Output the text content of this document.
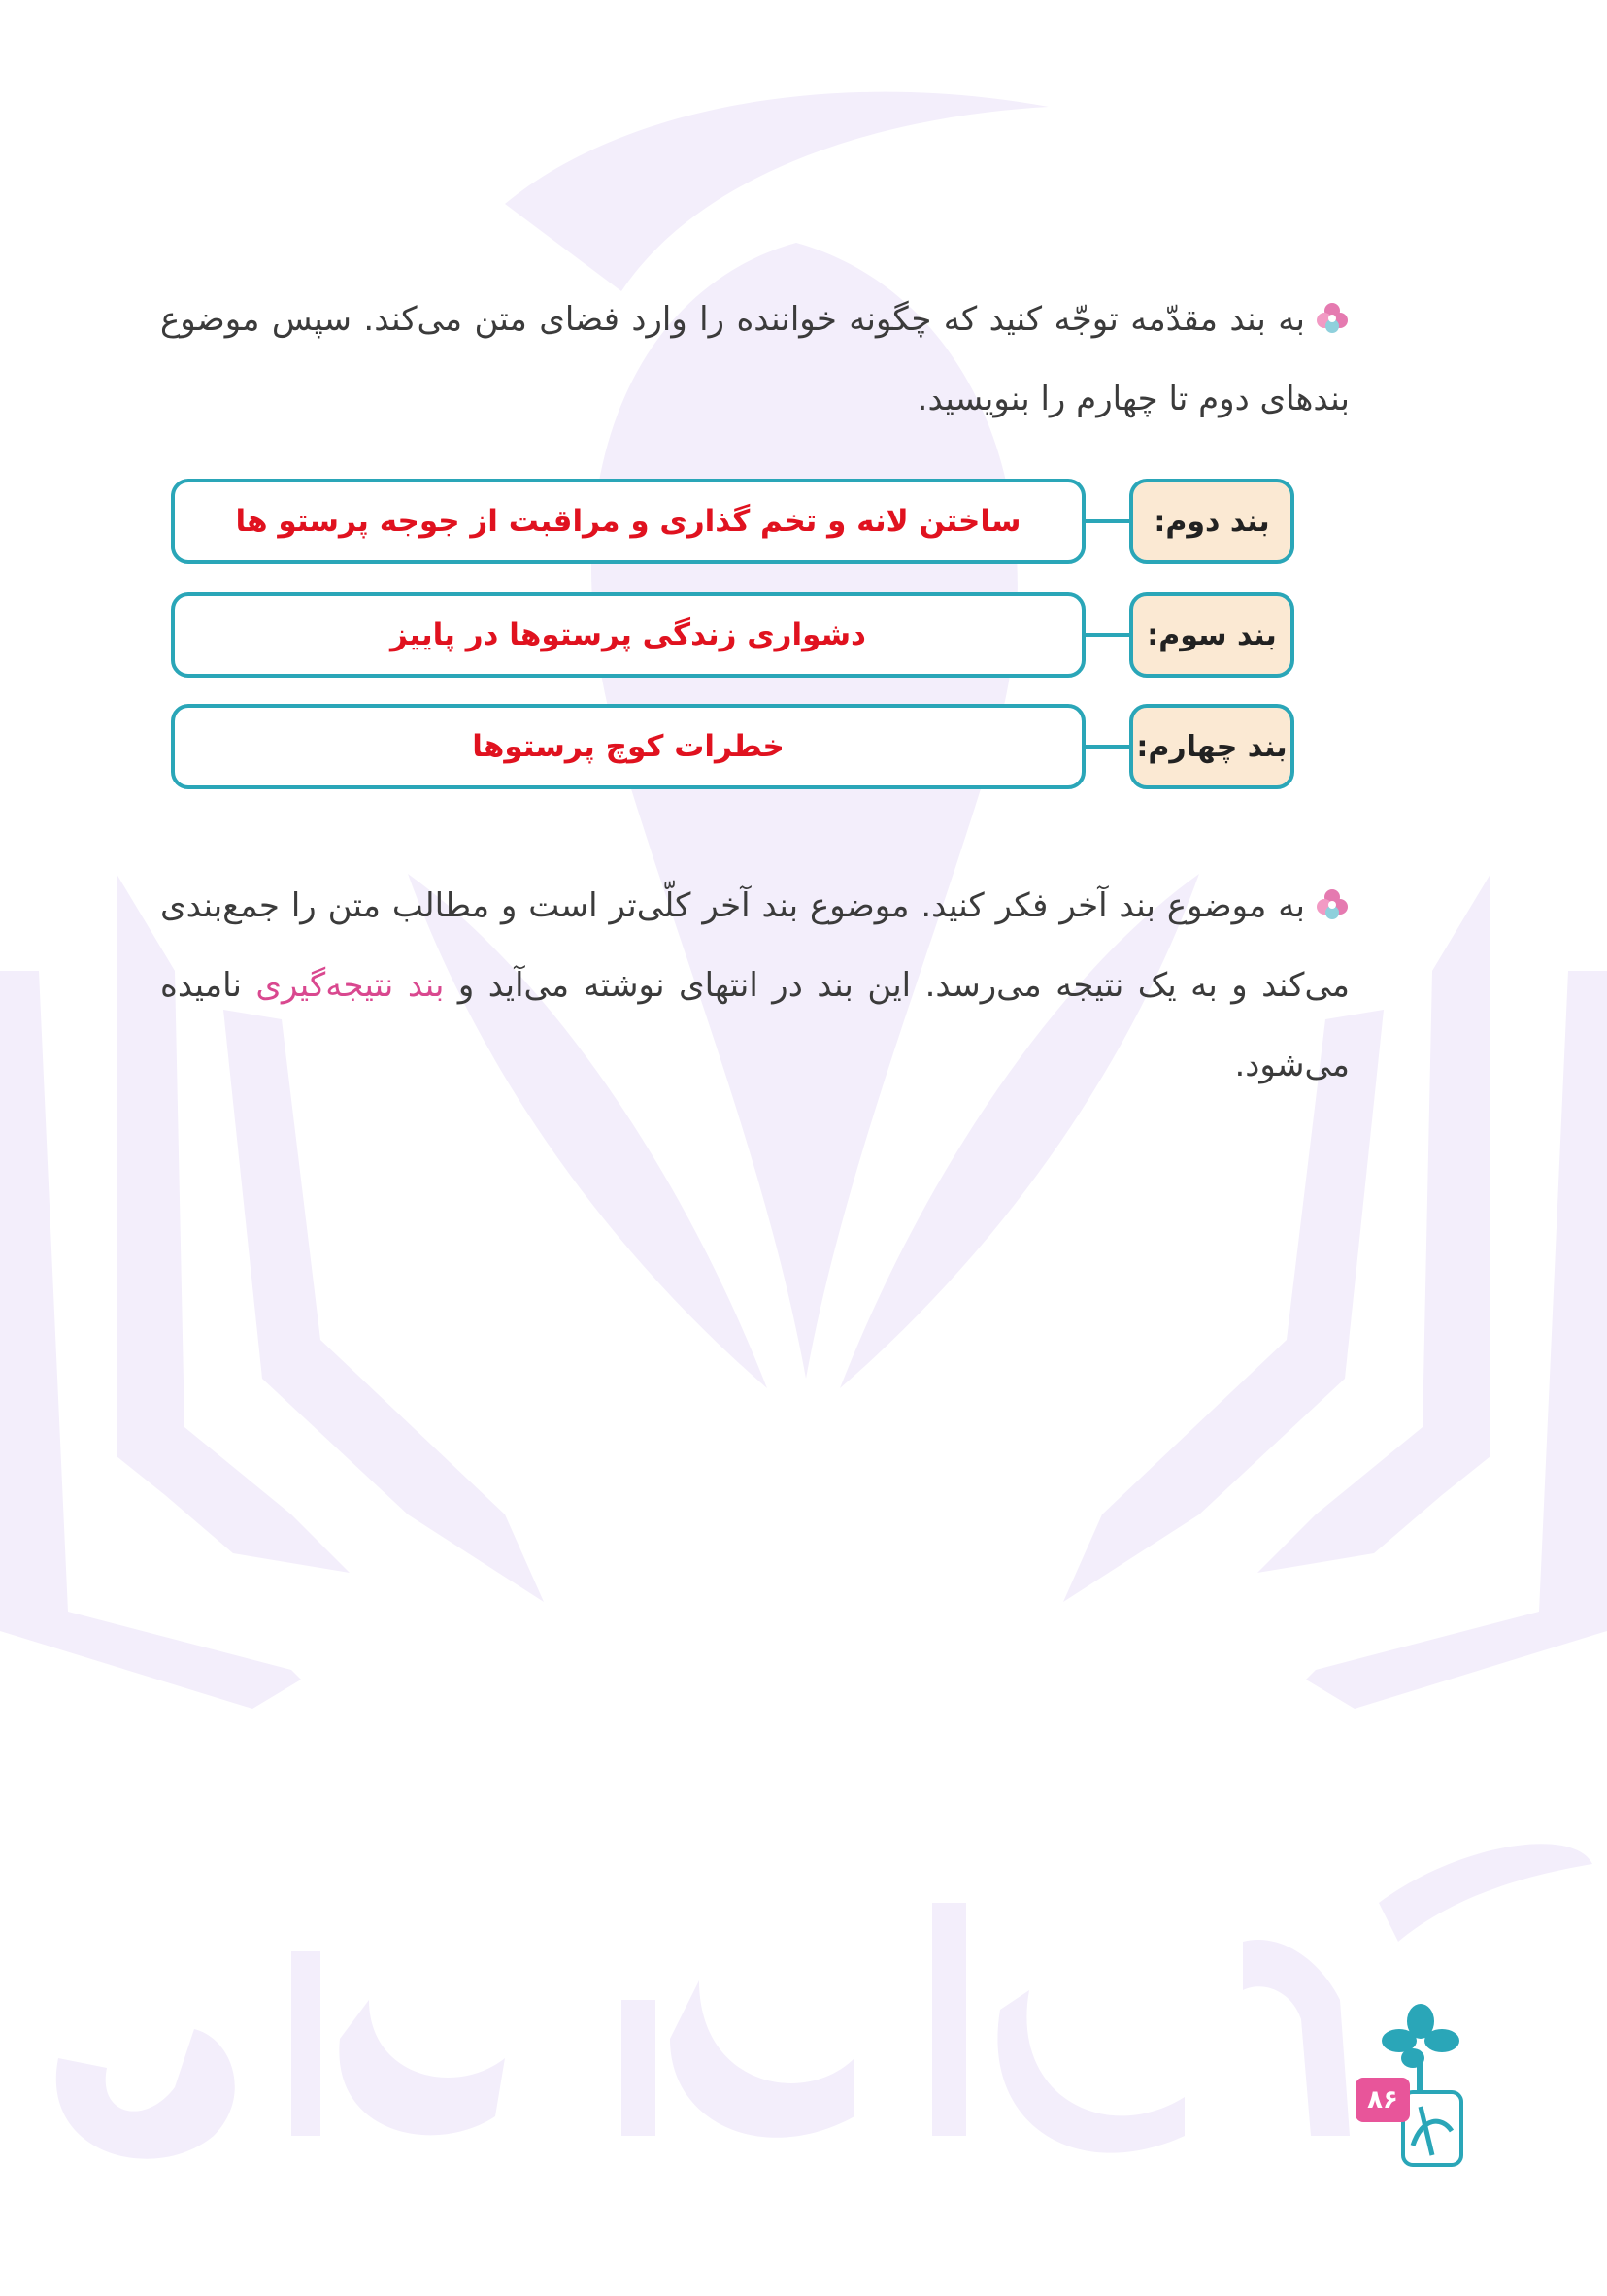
به بند مقدّمه توجّه کنید که چگونه خواننده را وارد فضای متن می‌کند. سپس موضوع بندهای دوم تا چهارم را بنویسید.
بند دوم:
ساختن لانه و تخم گذاری و مراقبت از جوجه پرستو ها
بند سوم:
دشواری زندگی پرستوها در پاییز
بند چهارم:
خطرات کوچ پرستوها
به موضوع بند آخر فکر کنید. موضوع بند آخر کلّی‌تر است و مطالب متن را جمع‌بندی می‌کند و به یک نتیجه می‌رسد. این بند در انتهای نوشته می‌آید و بند نتیجه‌گیری نامیده می‌شود.
۸۶
